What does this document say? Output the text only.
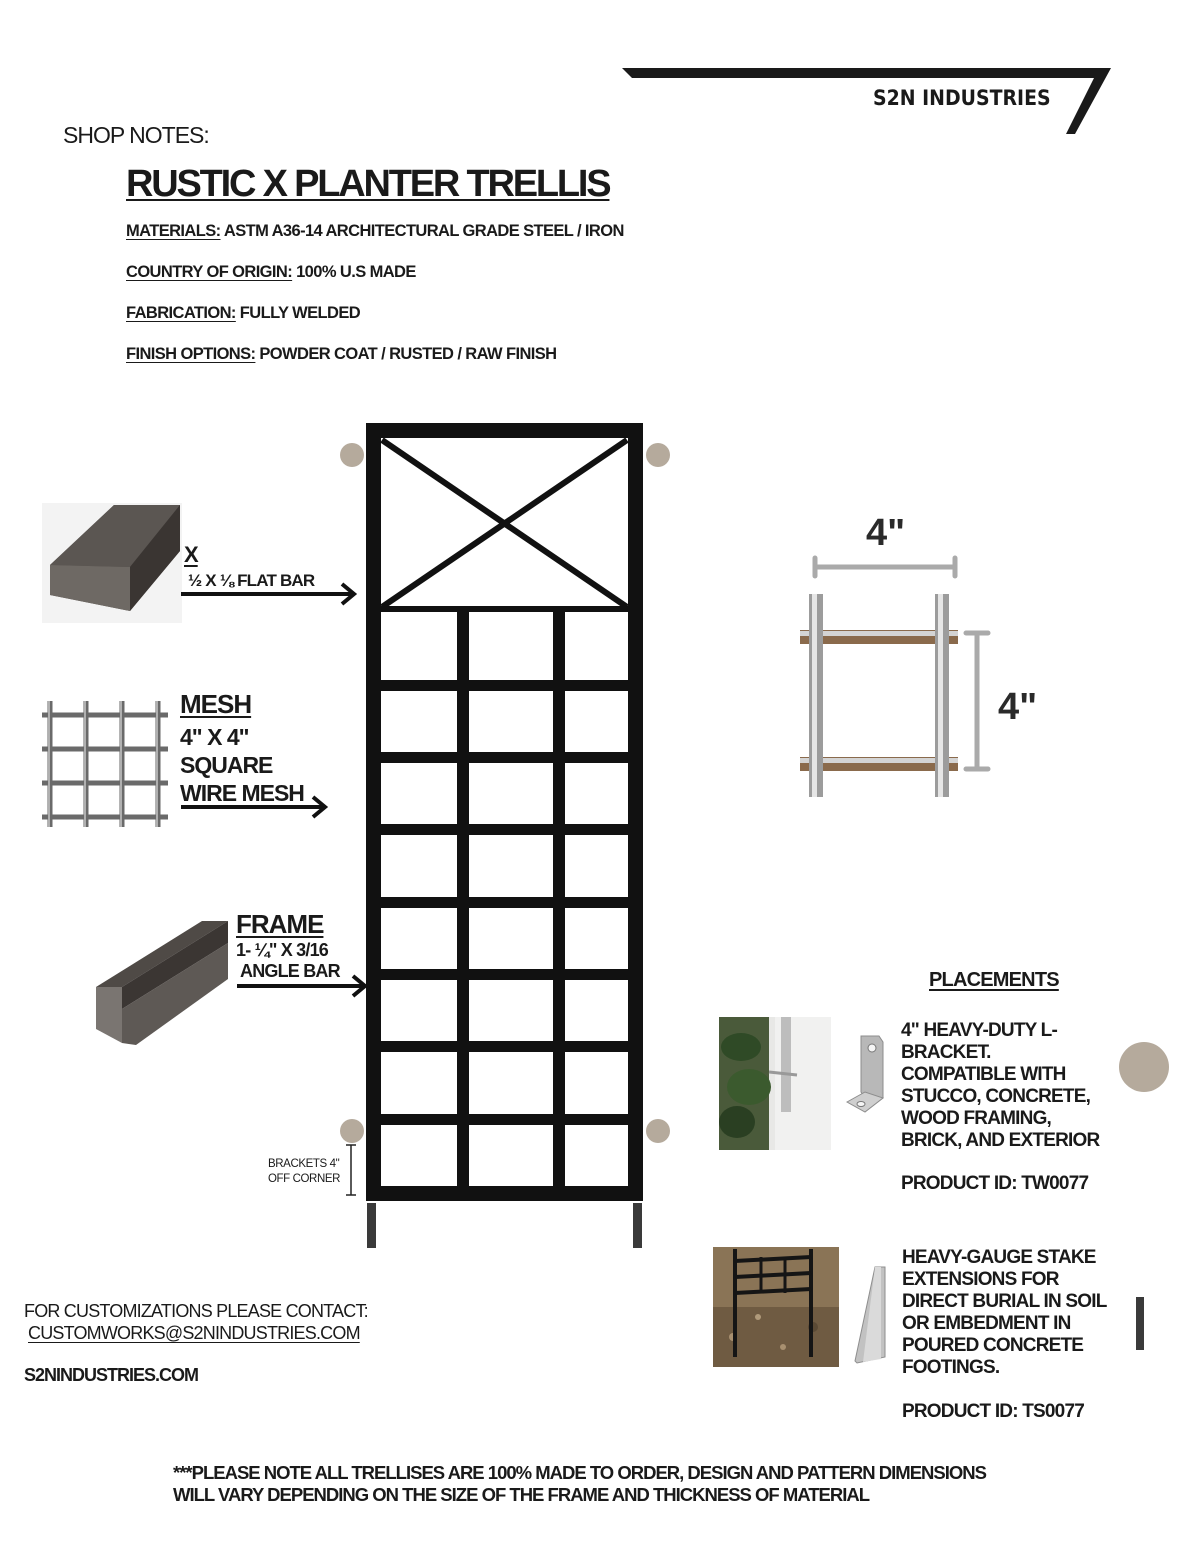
S2N INDUSTRIES
SHOP NOTES:
RUSTIC X PLANTER TRELLIS
MATERIALS: ASTM A36-14 ARCHITECTURAL GRADE STEEL / IRON
COUNTRY OF ORIGIN: 100% U.S MADE
FABRICATION: FULLY WELDED
FINISH OPTIONS: POWDER COAT / RUSTED / RAW FINISH
X
½ X ⅛ FLAT BAR
MESH
4" X 4"
SQUARE
WIRE MESH
FRAME
1- ¼" X 3/16
ANGLE BAR
BRACKETS 4"
OFF CORNER
4"
4"
PLACEMENTS
4" HEAVY-DUTY L-
BRACKET.
COMPATIBLE WITH
STUCCO, CONCRETE,
WOOD FRAMING,
BRICK, AND EXTERIOR
PRODUCT ID: TW0077
HEAVY-GAUGE STAKE
EXTENSIONS FOR
DIRECT BURIAL IN SOIL
OR EMBEDMENT IN
POURED CONCRETE
FOOTINGS.
PRODUCT ID: TS0077
FOR CUSTOMIZATIONS PLEASE CONTACT:
CUSTOMWORKS@S2NINDUSTRIES.COM
S2NINDUSTRIES.COM
***PLEASE NOTE ALL TRELLISES ARE 100% MADE TO ORDER, DESIGN AND PATTERN DIMENSIONS
WILL VARY DEPENDING ON THE SIZE OF THE FRAME AND THICKNESS OF MATERIAL
